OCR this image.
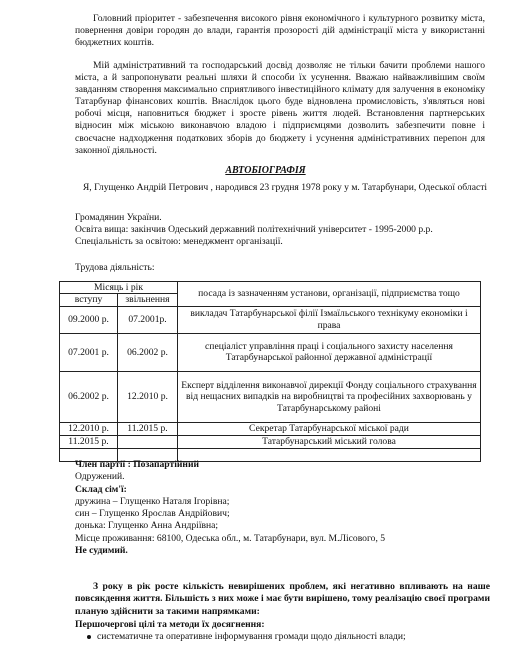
Головний пріоритет - забезпечення високого рівня економічного і культурного розвитку міста, повернення довіри городян до влади, гарантія прозорості дій адміністрації міста у використанні бюджетних коштів.

Мій адміністративний та господарський досвід дозволяє не тільки бачити проблеми нашого міста, а й запропонувати реальні шляхи й способи їх усунення. Вважаю найважливішим своїм завданням створення максимально сприятливого інвестиційного клімату для залучення в економіку Татарбунар фінансових коштів. Внаслідок цього буде відновлена промисловість, з'являться нові робочі місця, наповниться бюджет і зросте рівень життя людей. Встановлення партнерських відносин між міською виконавчою владою і підприємцями дозволить забезпечити повне і своєчасне надходження податкових зборів до бюджету і усунення адміністративних перепон для законної діяльності.

АВТОБІОГРАФІЯ
Я, Глущенко Андрій Петрович , народився 23 грудня 1978 року у м. Татарбунари, Одеської області
Громадянин України.
Освіта вища: закінчив Одеський державний політехнічний університет - 1995-2000 р.р.
Спеціальність за освітою: менеджмент організації.
Трудова діяльність:
Місяць і рік		посада із зазначенням установи, організації, підприємства тощо
вступу	звільнення	
09.2000 р.	07.2001р.	викладач Татарбунарської філії Ізмаїльського технікуму економіки і права
07.2001 р.	06.2002 р.	спеціаліст управління праці і соціального захисту населення Татарбунарської районної державної адміністрації
06.2002 р.	12.2010 р.	Експерт відділення виконавчої дирекції Фонду соціального страхування від нещасних випадків на виробництві та професійних захворювань у Татарбунарському районі
12.2010 р.	11.2015 р.	Секретар Татарбунарської міської ради
11.2015 р.		Татарбунарський міський голова

Член партії : Позапартійний
Одружений.
Склад сім'ї:
дружина – Глущенко Наталя Ігорівна;
син – Глущенко Ярослав Андрійович;
донька: Глущенко Анна Андріївна;
Місце проживання: 68100, Одеська обл., м. Татарбунари, вул. М.Лісового, 5
Не судимий.

З року в рік росте кількість невирішених проблем, які негативно впливають на наше повсякдення життя. Більшість з них може і має бути вирішено, тому реалізацію своєї програми планую здійснити за такими напрямками:

Першочергові цілі та методи їх досягнення:
систематичне та оперативне інформування громади щодо діяльності влади;
